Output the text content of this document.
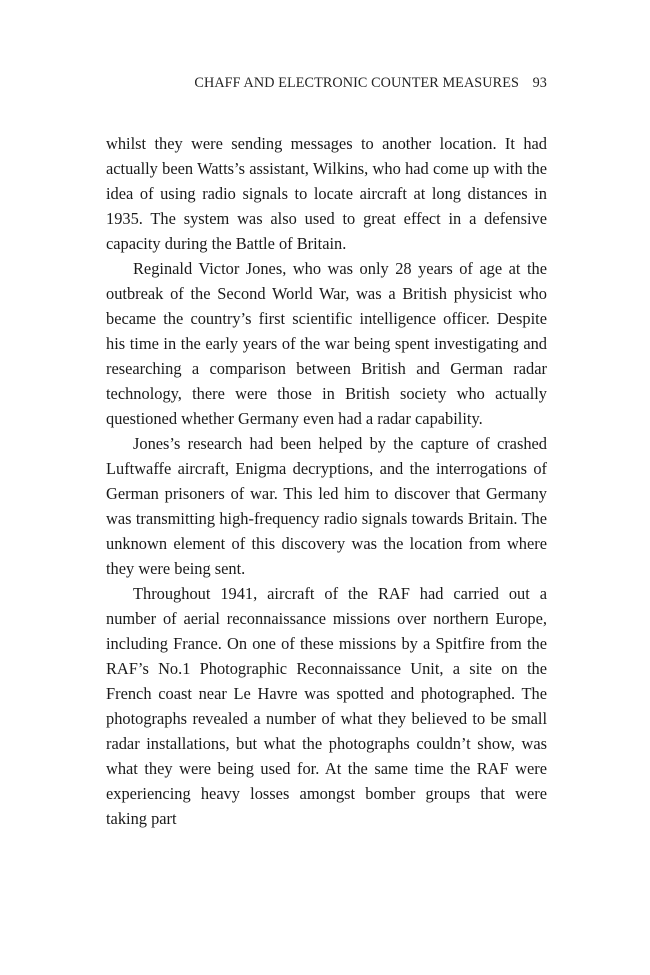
CHAFF AND ELECTRONIC COUNTER MEASURES 93

whilst they were sending messages to another location. It had actually been Watts’s assistant, Wilkins, who had come up with the idea of using radio signals to locate aircraft at long distances in 1935. The system was also used to great effect in a defensive capacity during the Battle of Britain.

Reginald Victor Jones, who was only 28 years of age at the outbreak of the Second World War, was a British physicist who became the country’s first scientific intelligence officer. Despite his time in the early years of the war being spent investigating and researching a comparison between British and German radar technology, there were those in British society who actually questioned whether Germany even had a radar capability.

Jones’s research had been helped by the capture of crashed Luftwaffe aircraft, Enigma decryptions, and the interrogations of German prisoners of war. This led him to discover that Germany was transmitting high-frequency radio signals towards Britain. The unknown element of this discovery was the location from where they were being sent.

Throughout 1941, aircraft of the RAF had carried out a number of aerial reconnaissance missions over northern Europe, including France. On one of these missions by a Spitfire from the RAF’s No.1 Photographic Reconnaissance Unit, a site on the French coast near Le Havre was spotted and photographed. The photographs revealed a number of what they believed to be small radar installations, but what the photographs couldn’t show, was what they were being used for. At the same time the RAF were experiencing heavy losses amongst bomber groups that were taking part
